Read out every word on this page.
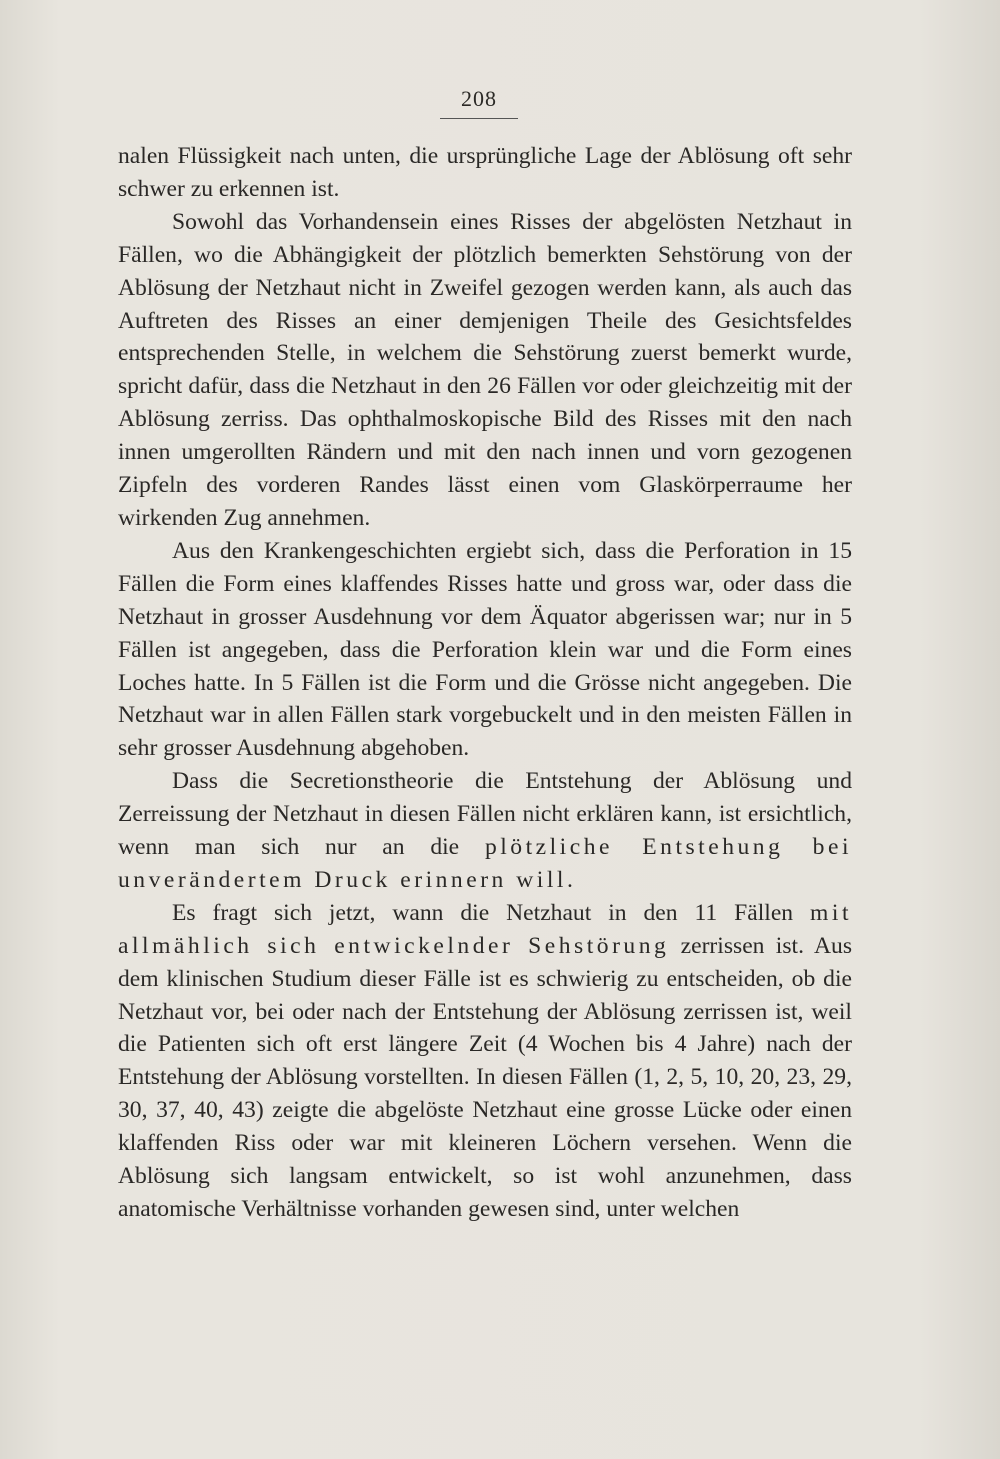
208

nalen Flüssigkeit nach unten, die ursprüngliche Lage der Ablösung oft sehr schwer zu erkennen ist.

Sowohl das Vorhandensein eines Risses der abgelösten Netzhaut in Fällen, wo die Abhängigkeit der plötzlich bemerkten Sehstörung von der Ablösung der Netzhaut nicht in Zweifel gezogen werden kann, als auch das Auftreten des Risses an einer demjenigen Theile des Gesichtsfeldes entsprechenden Stelle, in welchem die Sehstörung zuerst bemerkt wurde, spricht dafür, dass die Netzhaut in den 26 Fällen vor oder gleichzeitig mit der Ablösung zerriss. Das ophthalmoskopische Bild des Risses mit den nach innen umgerollten Rändern und mit den nach innen und vorn gezogenen Zipfeln des vorderen Randes lässt einen vom Glaskörperraume her wirkenden Zug annehmen.

Aus den Krankengeschichten ergiebt sich, dass die Perforation in 15 Fällen die Form eines klaffendes Risses hatte und gross war, oder dass die Netzhaut in grosser Ausdehnung vor dem Äquator abgerissen war; nur in 5 Fällen ist angegeben, dass die Perforation klein war und die Form eines Loches hatte. In 5 Fällen ist die Form und die Grösse nicht angegeben. Die Netzhaut war in allen Fällen stark vorgebuckelt und in den meisten Fällen in sehr grosser Ausdehnung abgehoben.

Dass die Secretionstheorie die Entstehung der Ablösung und Zerreissung der Netzhaut in diesen Fällen nicht erklären kann, ist ersichtlich, wenn man sich nur an die plötzliche Entstehung bei unverändertem Druck erinnern will.

Es fragt sich jetzt, wann die Netzhaut in den 11 Fällen mit allmählich sich entwickelnder Sehstörung zerrissen ist. Aus dem klinischen Studium dieser Fälle ist es schwierig zu entscheiden, ob die Netzhaut vor, bei oder nach der Entstehung der Ablösung zerrissen ist, weil die Patienten sich oft erst längere Zeit (4 Wochen bis 4 Jahre) nach der Entstehung der Ablösung vorstellten. In diesen Fällen (1, 2, 5, 10, 20, 23, 29, 30, 37, 40, 43) zeigte die abgelöste Netzhaut eine grosse Lücke oder einen klaffenden Riss oder war mit kleineren Löchern versehen. Wenn die Ablösung sich langsam entwickelt, so ist wohl anzunehmen, dass anatomische Verhältnisse vorhanden gewesen sind, unter welchen
